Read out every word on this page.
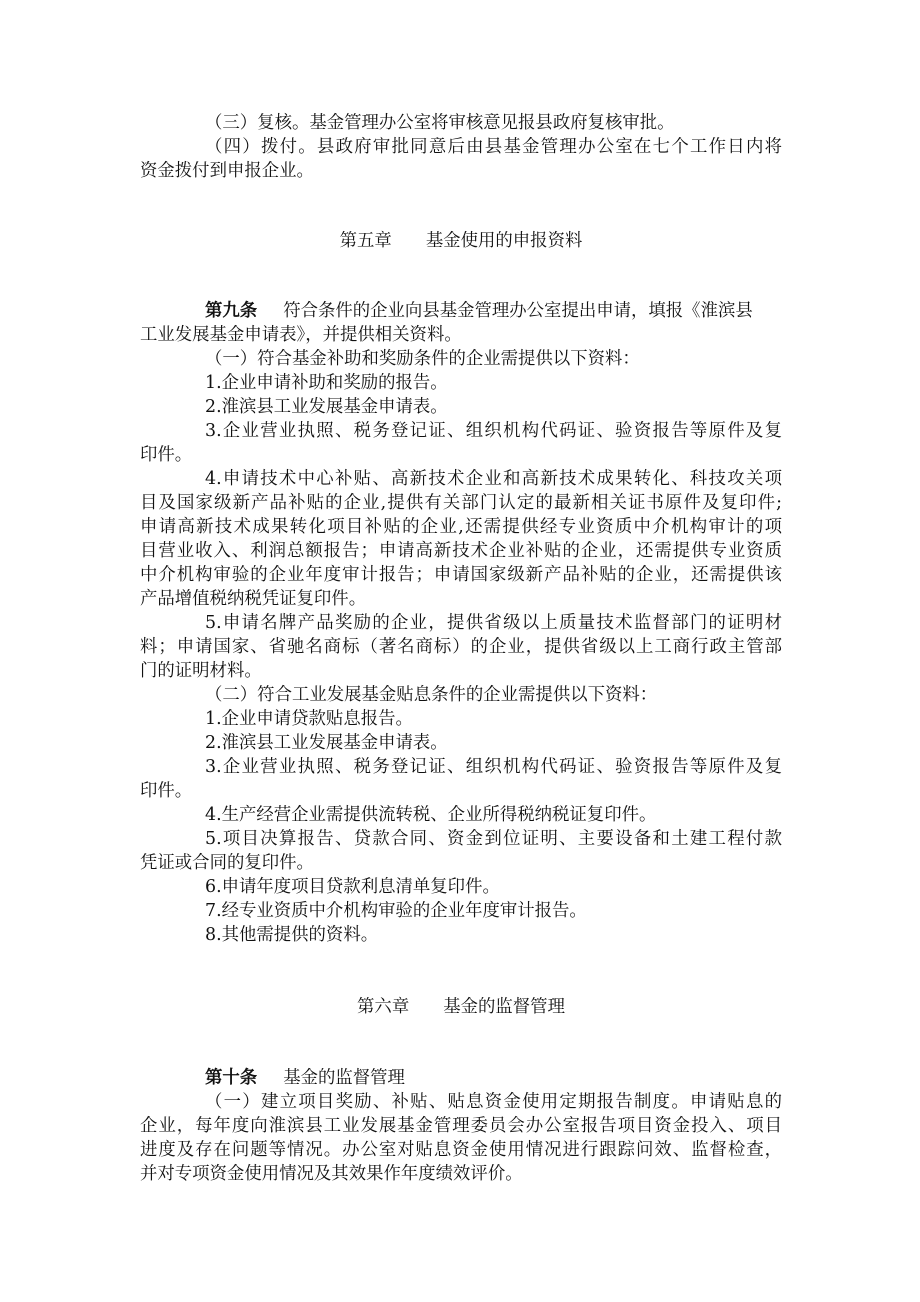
（三）复核。基金管理办公室将审核意见报县政府复核审批。
（四）拨付。县政府审批同意后由县基金管理办公室在七个工作日内将
资金拨付到申报企业。
第五章 基金使用的申报资料
第九条 符合条件的企业向县基金管理办公室提出申请，填报《淮滨县
工业发展基金申请表》，并提供相关资料。
（一）符合基金补助和奖励条件的企业需提供以下资料：
1.企业申请补助和奖励的报告。
2.淮滨县工业发展基金申请表。
3.企业营业执照、税务登记证、组织机构代码证、验资报告等原件及复
印件。
4.申请技术中心补贴、高新技术企业和高新技术成果转化、科技攻关项
目及国家级新产品补贴的企业,提供有关部门认定的最新相关证书原件及复印件;
申请高新技术成果转化项目补贴的企业,还需提供经专业资质中介机构审计的项
目营业收入、利润总额报告；申请高新技术企业补贴的企业，还需提供专业资质
中介机构审验的企业年度审计报告；申请国家级新产品补贴的企业，还需提供该
产品增值税纳税凭证复印件。
5.申请名牌产品奖励的企业，提供省级以上质量技术监督部门的证明材
料；申请国家、省驰名商标（著名商标）的企业，提供省级以上工商行政主管部
门的证明材料。
（二）符合工业发展基金贴息条件的企业需提供以下资料：
1.企业申请贷款贴息报告。
2.淮滨县工业发展基金申请表。
3.企业营业执照、税务登记证、组织机构代码证、验资报告等原件及复
印件。
4.生产经营企业需提供流转税、企业所得税纳税证复印件。
5.项目决算报告、贷款合同、资金到位证明、主要设备和土建工程付款
凭证或合同的复印件。
6.申请年度项目贷款利息清单复印件。
7.经专业资质中介机构审验的企业年度审计报告。
8.其他需提供的资料。
第六章 基金的监督管理
第十条 基金的监督管理
（一）建立项目奖励、补贴、贴息资金使用定期报告制度。申请贴息的
企业，每年度向淮滨县工业发展基金管理委员会办公室报告项目资金投入、项目
进度及存在问题等情况。办公室对贴息资金使用情况进行跟踪问效、监督检查，
并对专项资金使用情况及其效果作年度绩效评价。
